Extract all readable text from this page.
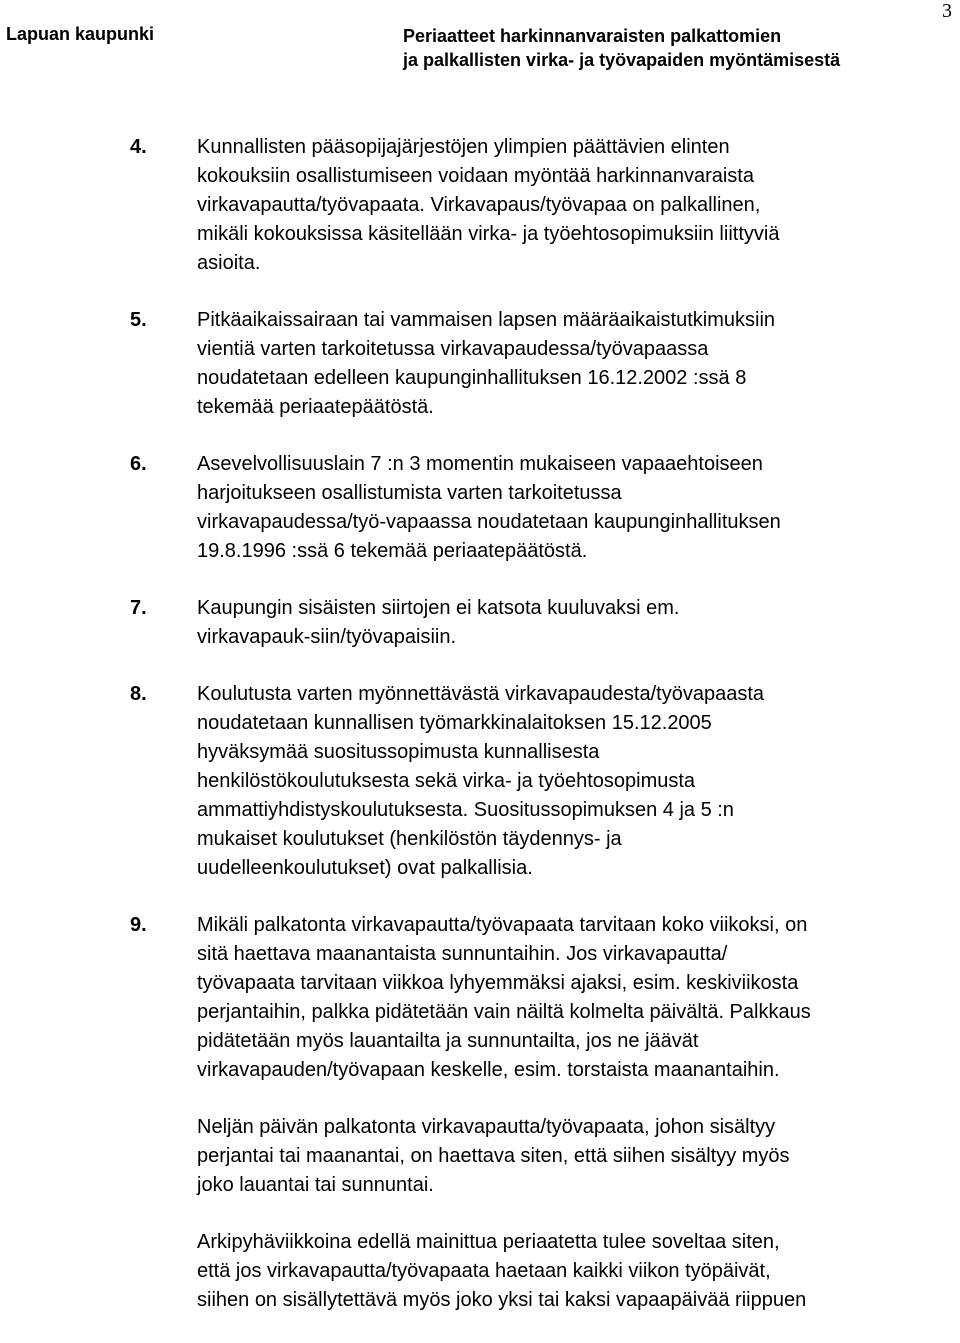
Lapuan kaupunki	Periaatteet harkinnanvaraisten palkattomien
ja palkallisten virka- ja työvapaiden myöntämisestä
3
4.	Kunnallisten pääsopijajärjestöjen ylimpien päättävien elinten
kokouksiin osallistumiseen voidaan myöntää harkinnanvaraista
virkavapautta/työvapaata. Virkavapaus/työvapaa on palkallinen,
mikäli kokouksissa käsitellään virka- ja työehtosopimuksiin liittyviä
asioita.
5.	Pitkäaikaissairaan tai vammaisen lapsen määräaikaistutkimuksiin
vientiä varten tarkoitetussa virkavapaudessa/työvapaassa
noudatetaan edelleen kaupunginhallituksen 16.12.2002 :ssä 8
tekemää periaatepäätöstä.
6.	Asevelvollisuuslain 7 :n 3 momentin mukaiseen vapaaehtoiseen
harjoitukseen osallistumista varten tarkoitetussa
virkavapaudessa/työ-vapaassa noudatetaan kaupunginhallituksen
19.8.1996 :ssä 6 tekemää periaatepäätöstä.
7.	Kaupungin sisäisten siirtojen ei katsota kuuluvaksi em.
virkavapauk-siin/työvapaisiin.
8.	Koulutusta varten myönnettävästä virkavapaudesta/työvapaasta
noudatetaan kunnallisen työmarkkinalaitoksen 15.12.2005
hyväksymää suositussopimusta kunnallisesta
henkilöstökoulutuksesta sekä virka- ja työehtosopimusta
ammattiyhdistyskoulutuksesta. Suositussopimuksen 4 ja 5 :n
mukaiset koulutukset (henkilöstön täydennys- ja
uudelleenkoulutukset) ovat palkallisia.
9.	Mikäli palkatonta virkavapautta/työvapaata tarvitaan koko viikoksi, on
sitä haettava maanantaista sunnuntaihin. Jos virkavapautta/
työvapaata tarvitaan viikkoa lyhyemmäksi ajaksi, esim. keskiviikosta
perjantaihin, palkka pidätetään vain näiltä kolmelta päivältä. Palkkaus
pidätetään myös lauantailta ja sunnuntailta, jos ne jäävät
virkavapauden/työvapaan keskelle, esim. torstaista maanantaihin.
Neljän päivän palkatonta virkavapautta/työvapaata, johon sisältyy
perjantai tai maanantai, on haettava siten, että siihen sisältyy myös
joko lauantai tai sunnuntai.
Arkipyhäviikkoina edellä mainittua periaatetta tulee soveltaa siten,
että jos virkavapautta/työvapaata haetaan kaikki viikon työpäivät,
siihen on sisällytettävä myös joko yksi tai kaksi vapaapäivää riippuen
